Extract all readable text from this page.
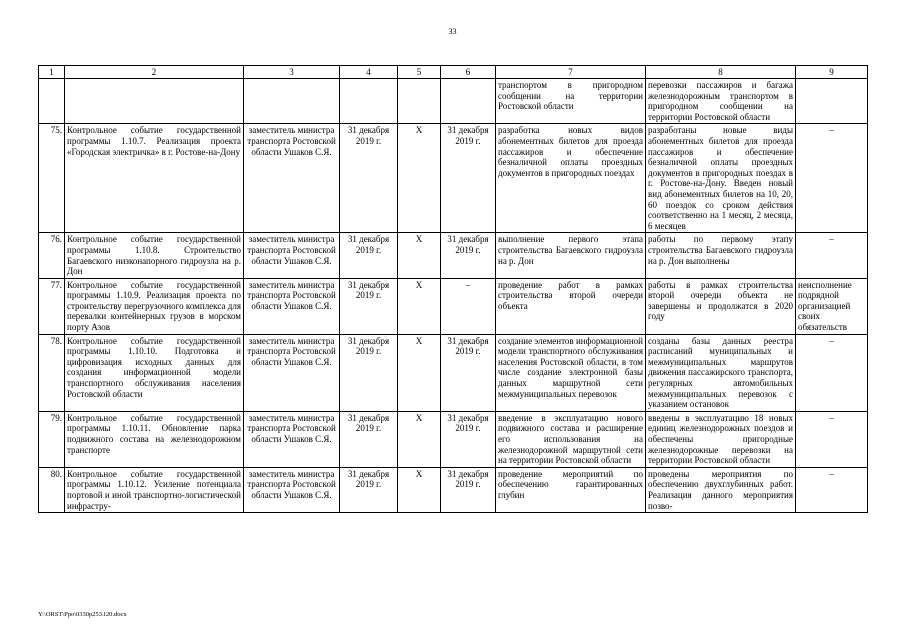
33
1	2	3	4	5	6	7	8	9
						транспортом в пригородном сообщении на территории Ростовской области	перевозки пассажиров и багажа железнодорожным транспортом в пригородном сообщении на территории Ростовской области	
75.	Контрольное событие государственной программы 1.10.7. Реализация проекта «Городская электричка» в г. Ростове-на-Дону	заместитель министра транспорта Ростовской области Ушаков С.Я.	31 декабря 2019 г.	X	31 декабря 2019 г.	разработка новых видов абонементных билетов для проезда пассажиров и обеспечение безналичной оплаты проездных документов в пригородных поездах	разработаны новые виды абонементных билетов для проезда пассажиров и обеспечение безналичной оплаты проездных документов в пригородных поездах в г. Ростове-на-Дону. Введен новый вид абонементных билетов на 10, 20, 60 поездок со сроком действия соответственно на 1 месяц, 2 месяца, 6 месяцев	–
76.	Контрольное событие государственной программы 1.10.8. Строительство Багаевского низконапорного гидроузла на р. Дон	заместитель министра транспорта Ростовской области Ушаков С.Я.	31 декабря 2019 г.	X	31 декабря 2019 г.	выполнение первого этапа строительства Багаевского гидроузла на р. Дон	работы по первому этапу строительства Багаевского гидроузла на р. Дон выполнены	–
77.	Контрольное событие государственной программы 1.10.9. Реализация проекта по строительству перегрузочного комплекса для перевалки контейнерных грузов в морском порту Азов	заместитель министра транспорта Ростовской области Ушаков С.Я.	31 декабря 2019 г.	X	–	проведение работ в рамках строительства второй очереди объекта	работы в рамках строительства второй очереди объекта не завершены и продолжатся в 2020 году	неисполнение подрядной организацией своих обязательств
78.	Контрольное событие государственной программы 1.10.10. Подготовка и цифровизация исходных данных для создания информационной модели транспортного обслуживания населения Ростовской области	заместитель министра транспорта Ростовской области Ушаков С.Я.	31 декабря 2019 г.	X	31 декабря 2019 г.	создание элементов информационной модели транспортного обслуживания населения Ростовской области, в том числе создание электронной базы данных маршрутной сети межмуниципальных перевозок	созданы базы данных реестра расписаний муниципальных и межмуниципальных маршрутов движения пассажирского транспорта, регулярных автомобильных межмуниципальных перевозок с указанием остановок	–
79.	Контрольное событие государственной программы 1.10.11. Обновление парка подвижного состава на железнодорожном транспорте	заместитель министра транспорта Ростовской области Ушаков С.Я.	31 декабря 2019 г.	X	31 декабря 2019 г.	введение в эксплуатацию нового подвижного состава и расширение его использования на железнодорожной маршрутной сети на территории Ростовской области	введены в эксплуатацию 18 новых единиц железнодорожных поездов и обеспечены пригородные железнодорожные перевозки на территории Ростовской области	–
80.	Контрольное событие государственной программы 1.10.12. Усиление потенциала портовой и иной транспортно-логистической инфрастру-	заместитель министра транспорта Ростовской области Ушаков С.Я.	31 декабря 2019 г.	X	31 декабря 2019 г.	проведение мероприятий по обеспечению гарантированных глубин	проведены мероприятия по обеспечению двухглубинных работ. Реализация данного мероприятия позво-	–
Y:\ORST\Ppo\0330p253.f20.docx
